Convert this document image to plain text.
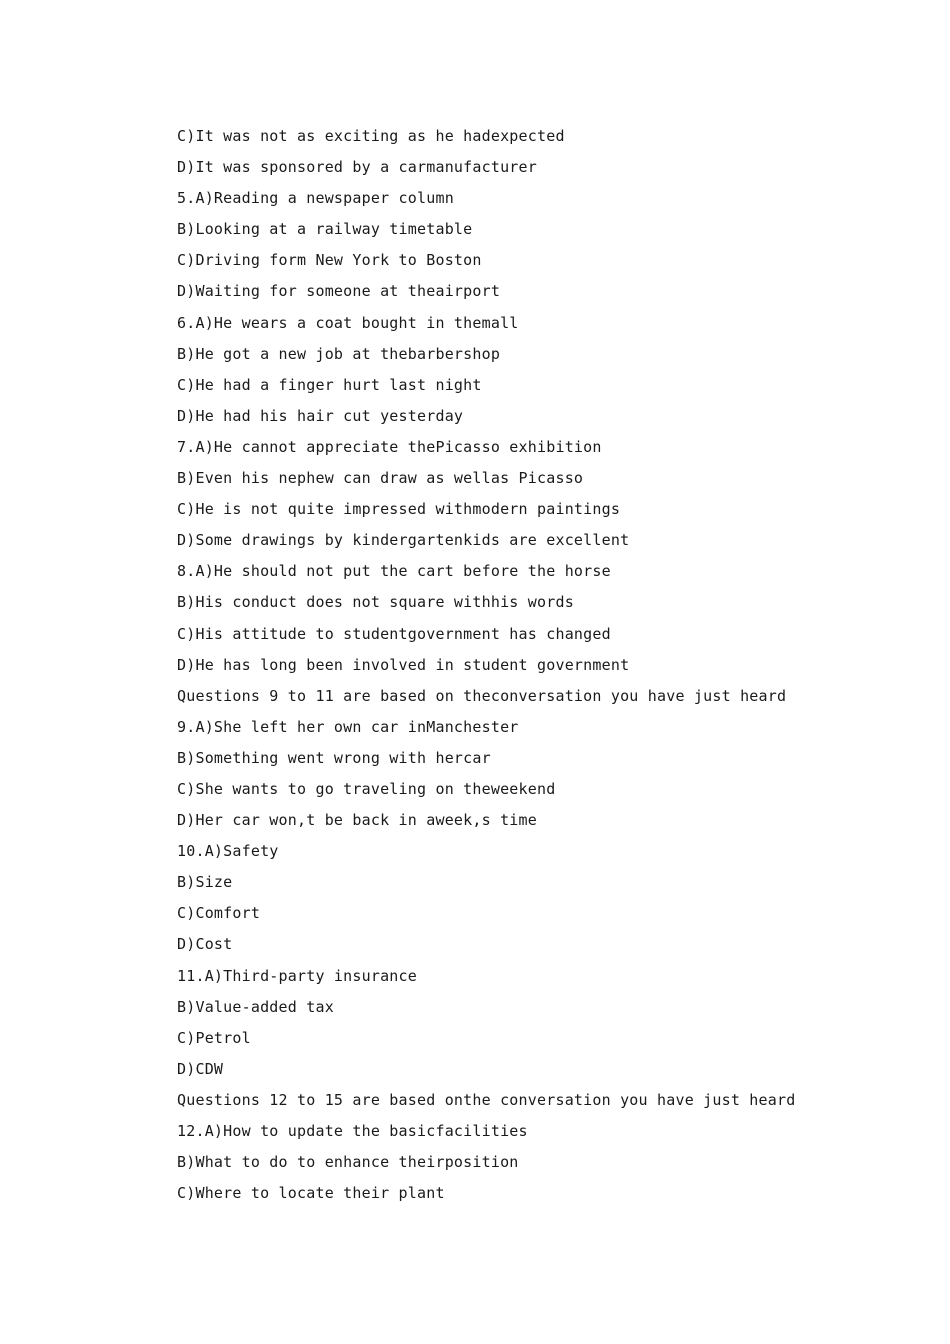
C)It was not as exciting as he hadexpected
D)It was sponsored by a carmanufacturer
5.A)Reading a newspaper column
B)Looking at a railway timetable
C)Driving form New York to Boston
D)Waiting for someone at theairport
6.A)He wears a coat bought in themall
B)He got a new job at thebarbershop
C)He had a finger hurt last night
D)He had his hair cut yesterday
7.A)He cannot appreciate thePicasso exhibition
B)Even his nephew can draw as wellas Picasso
C)He is not quite impressed withmodern paintings
D)Some drawings by kindergartenkids are excellent
8.A)He should not put the cart before the horse
B)His conduct does not square withhis words
C)His attitude to studentgovernment has changed
D)He has long been involved in student government
Questions 9 to 11 are based on theconversation you have just heard
9.A)She left her own car inManchester
B)Something went wrong with hercar
C)She wants to go traveling on theweekend
D)Her car won,t be back in aweek,s time
10.A)Safety
B)Size
C)Comfort
D)Cost
11.A)Third-party insurance
B)Value-added tax
C)Petrol
D)CDW
Questions 12 to 15 are based onthe conversation you have just heard
12.A)How to update the basicfacilities
B)What to do to enhance theirposition
C)Where to locate their plant
